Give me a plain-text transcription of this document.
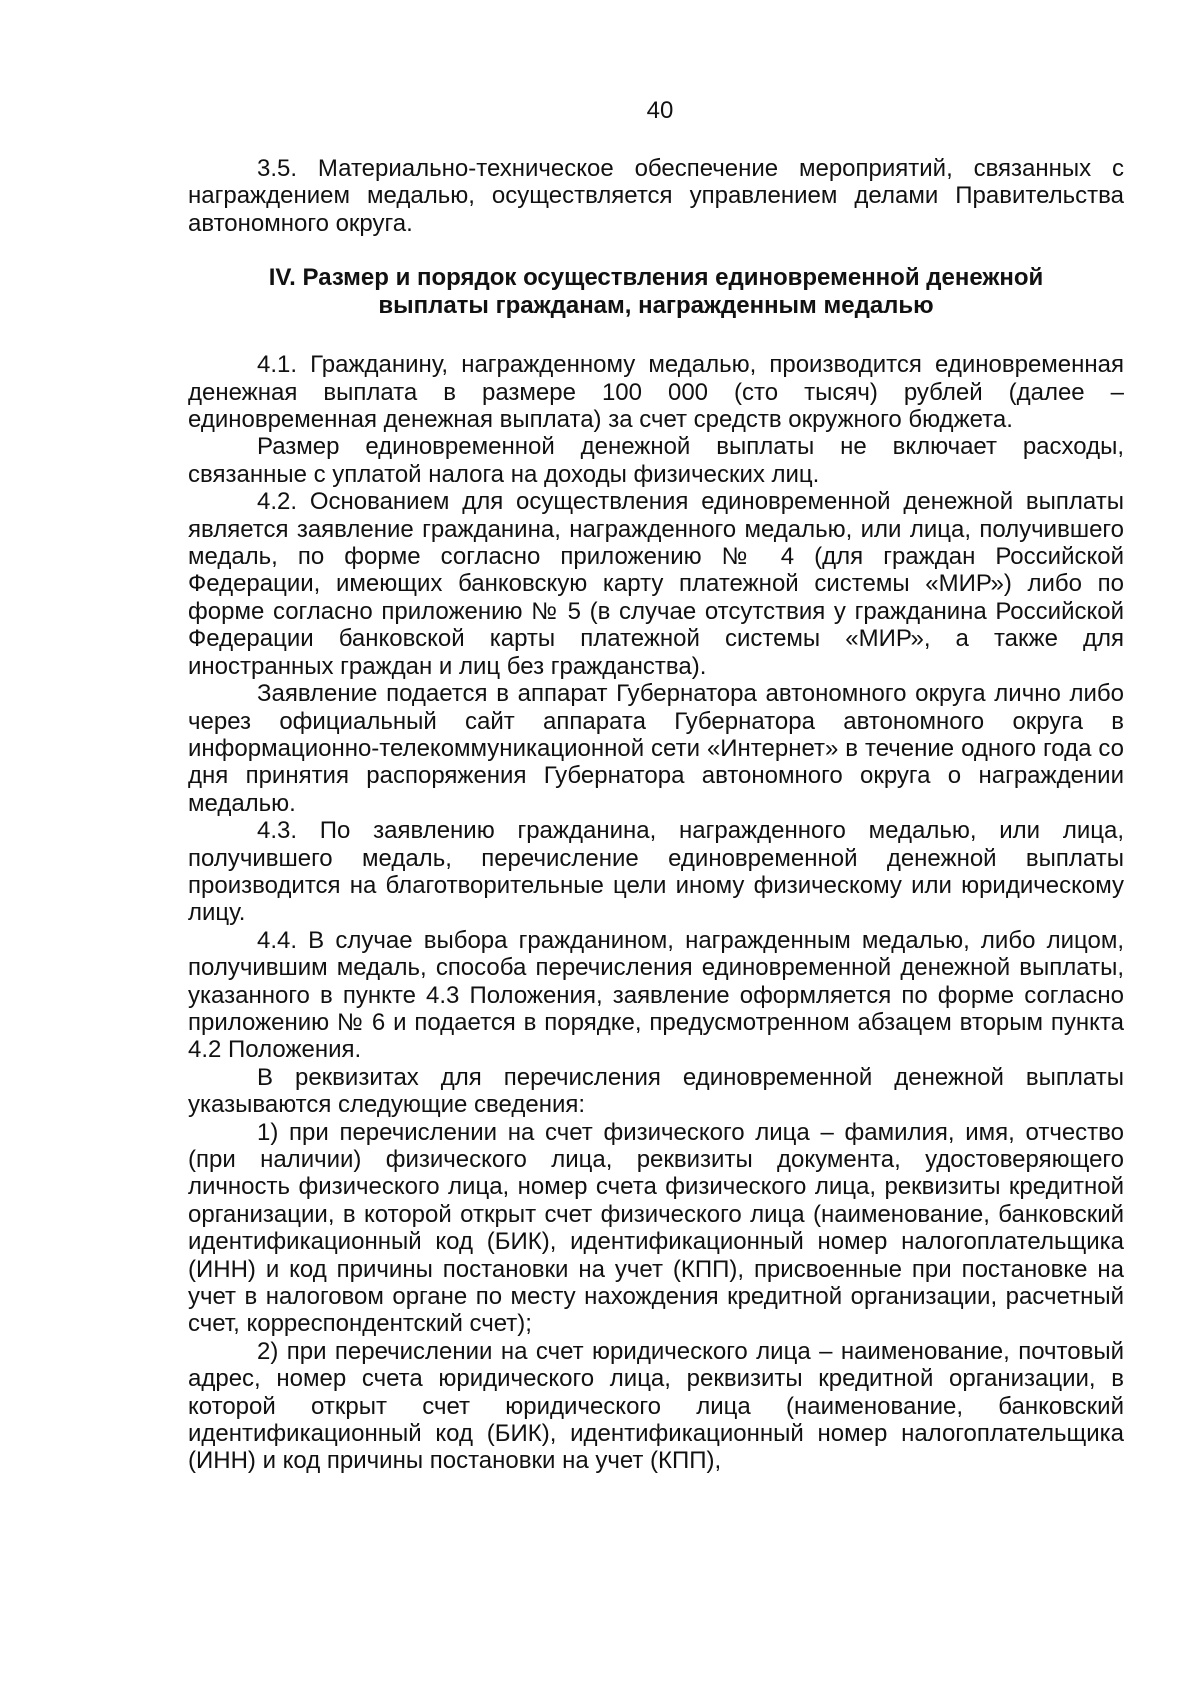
40

3.5. Материально-техническое обеспечение мероприятий, связанных с награждением медалью, осуществляется управлением делами Правительства автономного округа.

IV. Размер и порядок осуществления единовременной денежной
выплаты гражданам, награжденным медалью

4.1. Гражданину, награжденному медалью, производится единовременная денежная выплата в размере 100 000 (сто тысяч) рублей (далее – единовременная денежная выплата) за счет средств окружного бюджета.

Размер единовременной денежной выплаты не включает расходы, связанные с уплатой налога на доходы физических лиц.

4.2. Основанием для осуществления единовременной денежной выплаты является заявление гражданина, награжденного медалью, или лица, получившего медаль, по форме согласно приложению № 4 (для граждан Российской Федерации, имеющих банковскую карту платежной системы «МИР») либо по форме согласно приложению № 5 (в случае отсутствия у гражданина Российской Федерации банковской карты платежной системы «МИР», а также для иностранных граждан и лиц без гражданства).

Заявление подается в аппарат Губернатора автономного округа лично либо через официальный сайт аппарата Губернатора автономного округа в информационно-телекоммуникационной сети «Интернет» в течение одного года со дня принятия распоряжения Губернатора автономного округа о награждении медалью.

4.3. По заявлению гражданина, награжденного медалью, или лица, получившего медаль, перечисление единовременной денежной выплаты производится на благотворительные цели иному физическому или юридическому лицу.

4.4. В случае выбора гражданином, награжденным медалью, либо лицом, получившим медаль, способа перечисления единовременной денежной выплаты, указанного в пункте 4.3 Положения, заявление оформляется по форме согласно приложению № 6 и подается в порядке, предусмотренном абзацем вторым пункта 4.2 Положения.

В реквизитах для перечисления единовременной денежной выплаты указываются следующие сведения:

1) при перечислении на счет физического лица – фамилия, имя, отчество (при наличии) физического лица, реквизиты документа, удостоверяющего личность физического лица, номер счета физического лица, реквизиты кредитной организации, в которой открыт счет физического лица (наименование, банковский идентификационный код (БИК), идентификационный номер налогоплательщика (ИНН) и код причины постановки на учет (КПП), присвоенные при постановке на учет в налоговом органе по месту нахождения кредитной организации, расчетный счет, корреспондентский счет);

2) при перечислении на счет юридического лица – наименование, почтовый адрес, номер счета юридического лица, реквизиты кредитной организации, в которой открыт счет юридического лица (наименование, банковский идентификационный код (БИК), идентификационный номер налогоплательщика (ИНН) и код причины постановки на учет (КПП),
